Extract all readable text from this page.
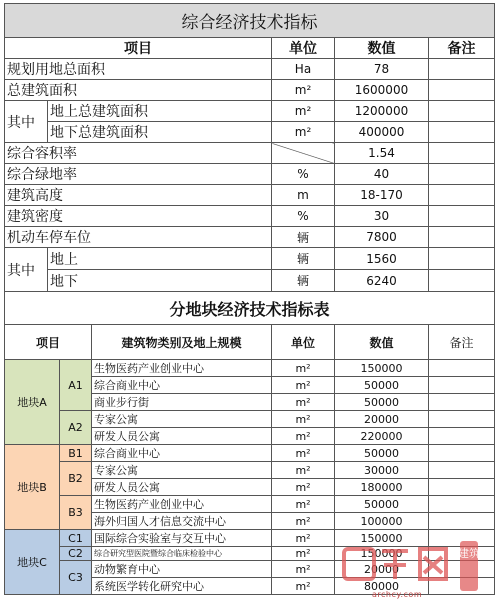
综合经济技术指标				
项目		单位	数值	备注
规划用地总面积		Ha	78	
总建筑面积		m²	1600000	
其中	地上总建筑面积	m²	1200000	
	地下总建筑面积	m²	400000	
综合容积率			1.54	
综合绿地率		%	40	
建筑高度		m	18-170	
建筑密度		%	30	
机动车停车位		辆	7800	
其中	地上	辆	1560	
	地下	辆	6240	
分地块经济技术指标表					
项目		建筑物类别及地上规模	单位	数值	备注
地块A	A1	生物医药产业创业中心	m²	150000	
		综合商业中心	m²	50000	
		商业步行街	m²	50000	
	A2	专家公寓	m²	20000	
		研发人员公寓	m²	220000	
地块B	B1	综合商业中心	m²	50000	
	B2	专家公寓	m²	30000	
		研发人员公寓	m²	180000	
	B3	生物医药产业创业中心	m²	50000	
		海外归国人才信息交流中心	m²	100000	
地块C	C1	国际综合实验室与交互中心	m²	150000	
	C2	综合研究型医院暨综合临床检验中心	m²	150000	
	C3	动物繁育中心	m²	20000	
		系统医学转化研究中心	m²	80000	
建筑
archcy.com
